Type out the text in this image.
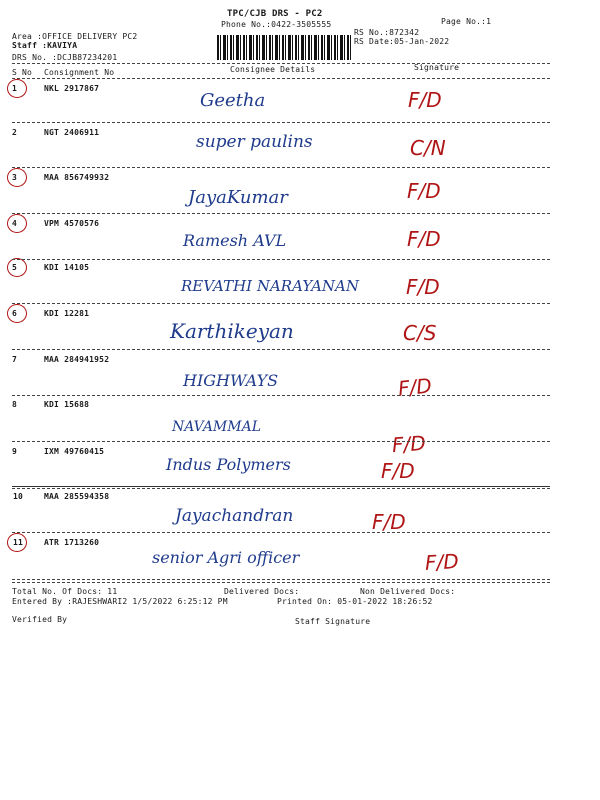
TPC/CJB DRS - PC2
Phone No.:0422-3505555	Page No.:1
Area :OFFICE DELIVERY PC2
Staff :KAVIYA
DRS No. :DCJB87234201
RS No.:872342
RS Date:05-Jan-2022
S No Consignment No	Consignee Details	Signature
1	NKL 2917867
Geetha	F/D
2	NGT 2406911	super paulins	C/N
3	MAA 856749932
JayaKumar	F/D
4	VPM 4570576
Ramesh AVL	F/D
5	KDI 14105
REVATHI NARAYANAN F/D
6	KDI 12281
Karthikeyan	C/S
7	MAA 284941952
HIGHWAYS	F/D
8	KDI 15688
NAVAMMAL
F/D
9	IXM 49760415
Indus Polymers	F/D
10	MAA 285594358
Jayachandran	F/D
11	ATR 1713260
senior Agri officer	F/D
Total No. Of Docs: 11	Delivered Docs:	Non Delivered Docs:
Entered By :RAJESHWARI2 1/5/2022 6:25:12 PM	Printed On: 05-01-2022 18:26:52
Verified By	Staff Signature
